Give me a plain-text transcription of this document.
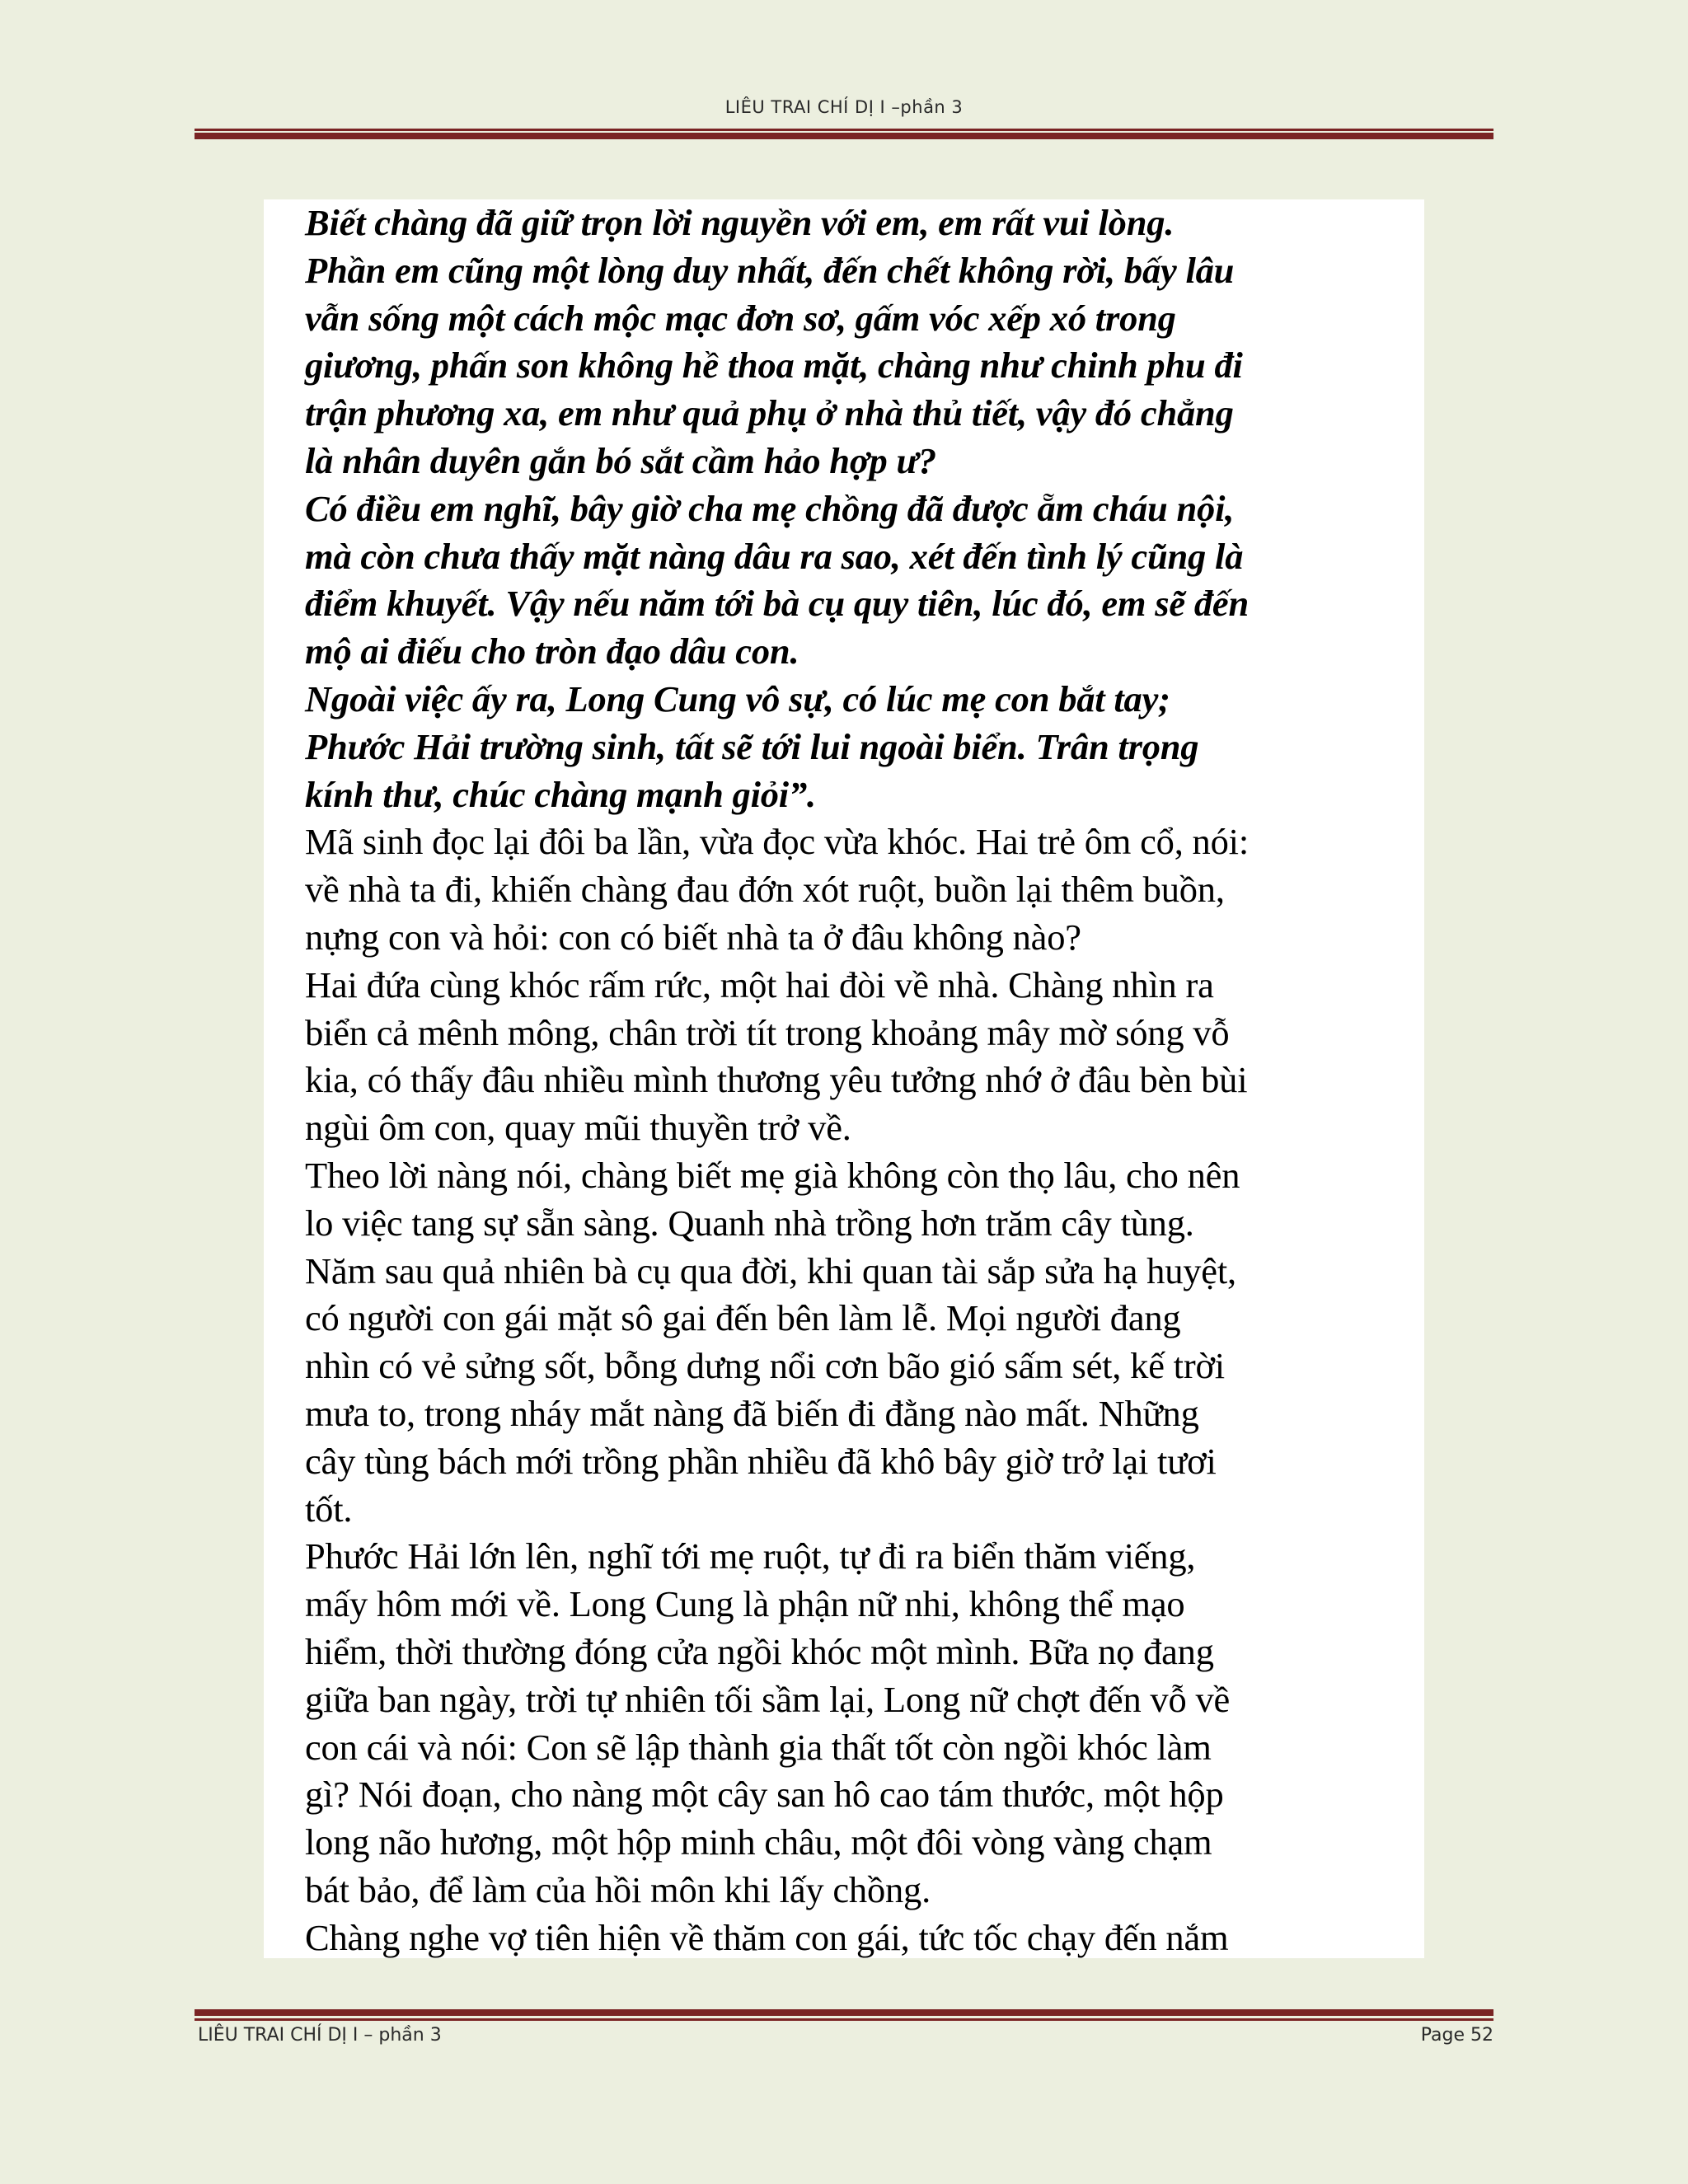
LIÊU TRAI CHÍ DỊ I –phần 3

Biết chàng đã giữ trọn lời nguyền với em, em rất vui lòng.

Phần em cũng một lòng duy nhất, đến chết không rời, bấy lâu

vẫn sống một cách mộc mạc đơn sơ, gấm vóc xếp xó trong

giương, phấn son không hề thoa mặt, chàng như chinh phu đi

trận phương xa, em như quả phụ ở nhà thủ tiết, vậy đó chẳng

là nhân duyên gắn bó sắt cầm hảo hợp ư?

Có điều em nghĩ, bây giờ cha mẹ chồng đã được ẵm cháu nội,

mà còn chưa thấy mặt nàng dâu ra sao, xét đến tình lý cũng là

điểm khuyết. Vậy nếu năm tới bà cụ quy tiên, lúc đó, em sẽ đến

mộ ai điếu cho tròn đạo dâu con.

Ngoài việc ấy ra, Long Cung vô sự, có lúc mẹ con bắt tay;

Phước Hải trường sinh, tất sẽ tới lui ngoài biển. Trân trọng

kính thư, chúc chàng mạnh giỏi”.

Mã sinh đọc lại đôi ba lần, vừa đọc vừa khóc. Hai trẻ ôm cổ, nói:

về nhà ta đi, khiến chàng đau đớn xót ruột, buồn lại thêm buồn,

nựng con và hỏi: con có biết nhà ta ở đâu không nào?

Hai đứa cùng khóc rấm rức, một hai đòi về nhà. Chàng nhìn ra

biển cả mênh mông, chân trời tít trong khoảng mây mờ sóng vỗ

kia, có thấy đâu nhiều mình thương yêu tưởng nhớ ở đâu bèn bùi

ngùi ôm con, quay mũi thuyền trở về.

Theo lời nàng nói, chàng biết mẹ già không còn thọ lâu, cho nên

lo việc tang sự sẵn sàng. Quanh nhà trồng hơn trăm cây tùng.

Năm sau quả nhiên bà cụ qua đời, khi quan tài sắp sửa hạ huyệt,

có người con gái mặt sô gai đến bên làm lễ. Mọi người đang

nhìn có vẻ sửng sốt, bỗng dưng nổi cơn bão gió sấm sét, kế trời

mưa to, trong nháy mắt nàng đã biến đi đằng nào mất. Những

cây tùng bách mới trồng phần nhiều đã khô bây giờ trở lại tươi

tốt.

Phước Hải lớn lên, nghĩ tới mẹ ruột, tự đi ra biển thăm viếng,

mấy hôm mới về. Long Cung là phận nữ nhi, không thể mạo

hiểm, thời thường đóng cửa ngồi khóc một mình. Bữa nọ đang

giữa ban ngày, trời tự nhiên tối sầm lại, Long nữ chợt đến vỗ về

con cái và nói: Con sẽ lập thành gia thất tốt còn ngồi khóc làm

gì? Nói đoạn, cho nàng một cây san hô cao tám thước, một hộp

long não hương, một hộp minh châu, một đôi vòng vàng chạm

bát bảo, để làm của hồi môn khi lấy chồng.

Chàng nghe vợ tiên hiện về thăm con gái, tức tốc chạy đến nắm

LIÊU TRAI CHÍ DỊ I – phần 3	Page 52
